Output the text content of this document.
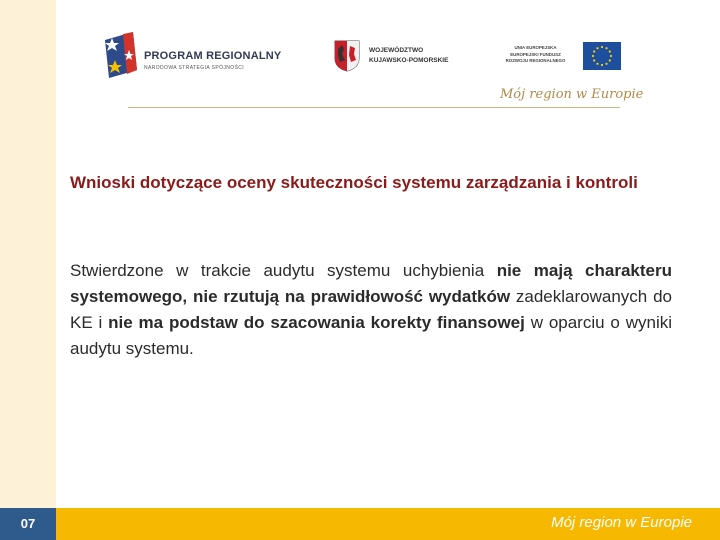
PROGRAM REGIONALNY
NARODOWA STRATEGIA SPÓJNOŚCI
WOJEWÓDZTWO
KUJAWSKO-POMORSKIE
UNIA EUROPEJSKA
EUROPEJSKI FUNDUSZ
ROZWOJU REGIONALNEGO
Mój region w Europie
Wnioski dotyczące oceny skuteczności systemu zarządzania i kontroli
Stwierdzone w trakcie audytu systemu uchybienia nie mają charakteru systemowego, nie rzutują na prawidłowość wydatków zadeklarowanych do KE i nie ma podstaw do szacowania korekty finansowej w oparciu o wyniki audytu systemu.
07	Mój region w Europie
